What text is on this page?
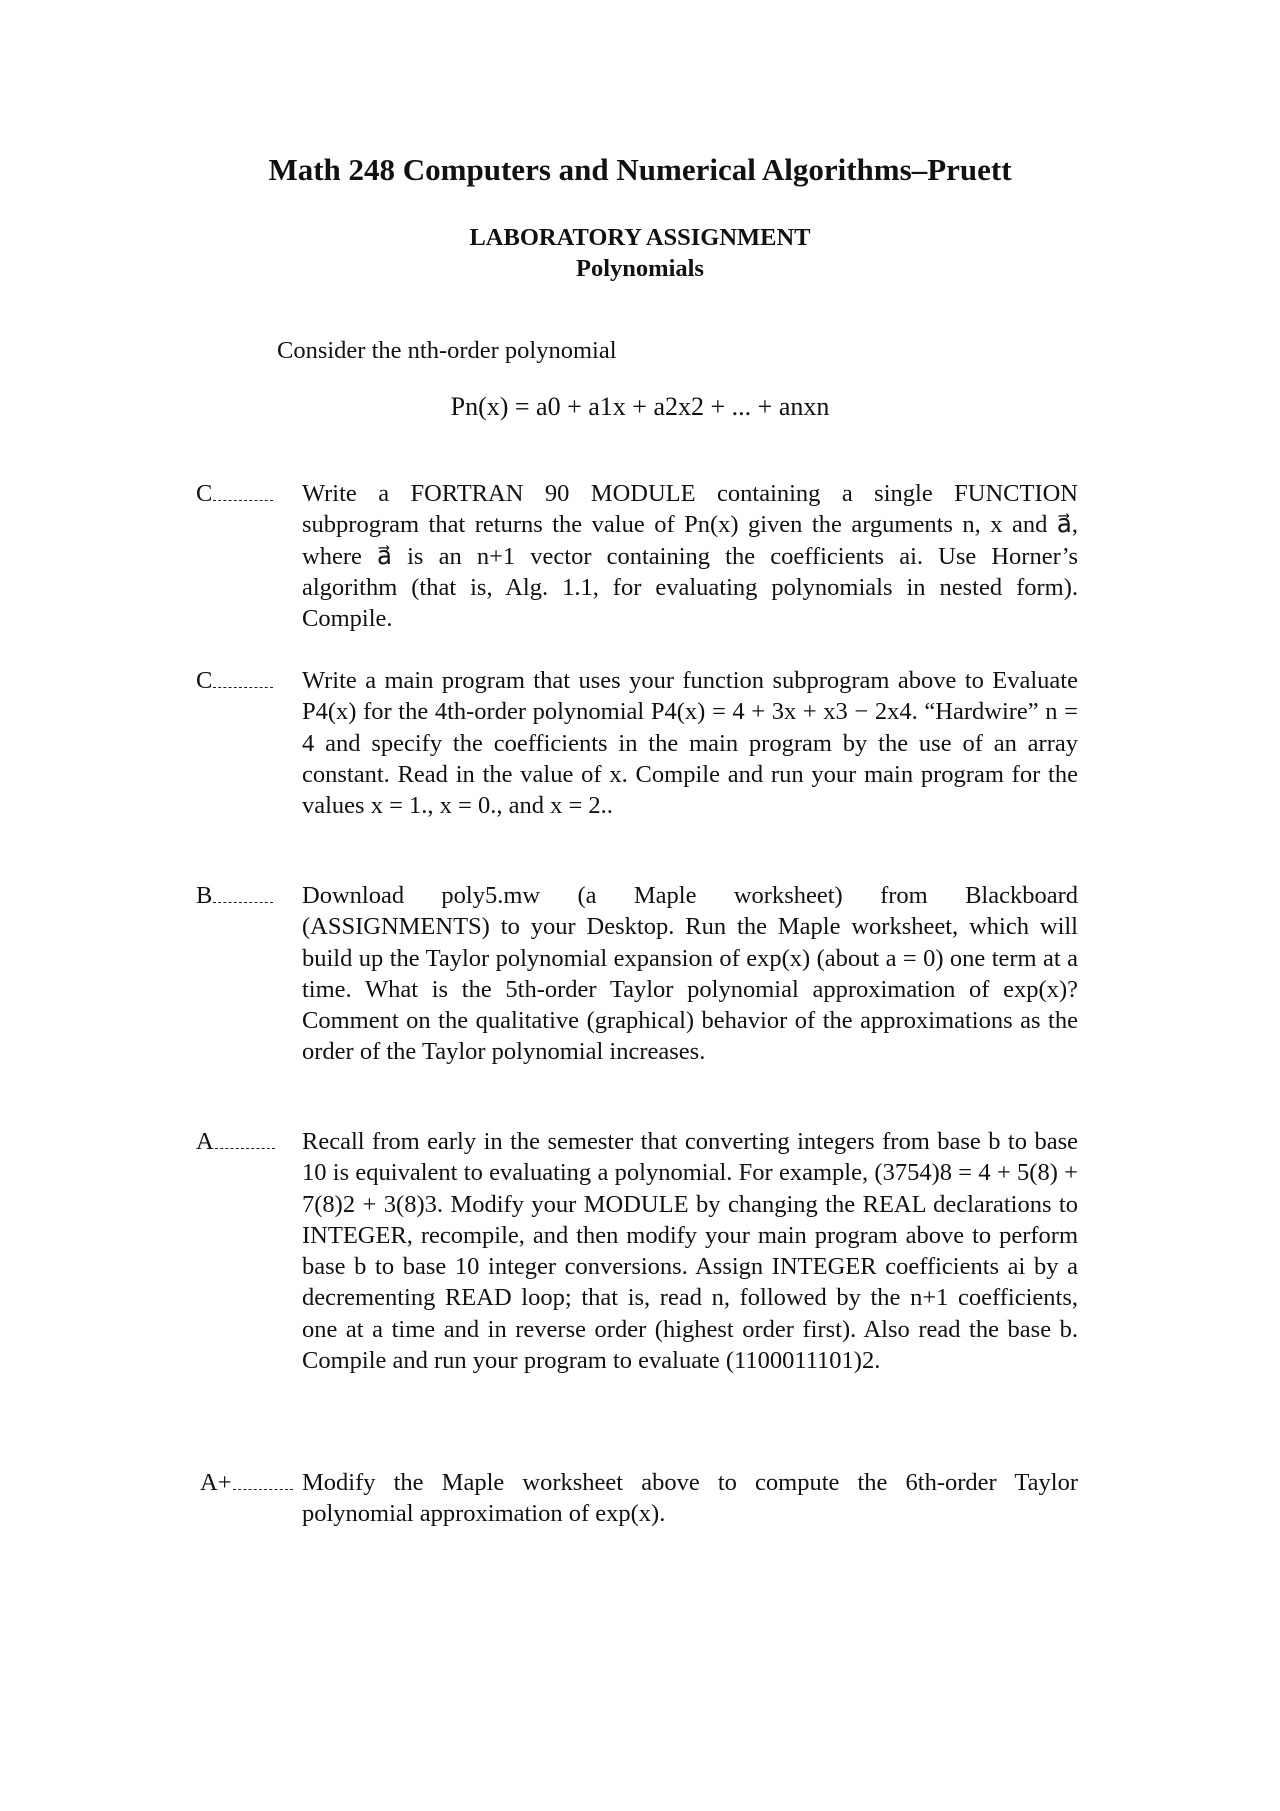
Math 248 Computers and Numerical Algorithms–Pruett
LABORATORY ASSIGNMENT
Polynomials
Consider the nth-order polynomial
Pn(x) = a0 + a1x + a2x2 + ... + anxn
C	Write a FORTRAN 90 MODULE containing a single FUNCTION subprogram that returns the value of Pn(x) given the arguments n, x and a⃗, where a⃗ is an n+1 vector containing the coefficients ai. Use Horner’s algorithm (that is, Alg. 1.1, for evaluating polynomials in nested form). Compile.
C	Write a main program that uses your function subprogram above to Evaluate P4(x) for the 4th-order polynomial P4(x) = 4 + 3x + x3 − 2x4. “Hardwire” n = 4 and specify the coefficients in the main program by the use of an array constant. Read in the value of x. Compile and run your main program for the values x = 1., x = 0., and x = 2..
B	Download poly5.mw (a Maple worksheet) from Blackboard (ASSIGNMENTS) to your Desktop. Run the Maple worksheet, which will build up the Taylor polynomial expansion of exp(x) (about a = 0) one term at a time. What is the 5th-order Taylor polynomial approximation of exp(x)? Comment on the qualitative (graphical) behavior of the approximations as the order of the Taylor polynomial increases.
A	Recall from early in the semester that converting integers from base b to base 10 is equivalent to evaluating a polynomial. For example, (3754)8 = 4 + 5(8) + 7(8)2 + 3(8)3. Modify your MODULE by changing the REAL declarations to INTEGER, recompile, and then modify your main program above to perform base b to base 10 integer conversions. Assign INTEGER coefficients ai by a decrementing READ loop; that is, read n, followed by the n+1 coefficients, one at a time and in reverse order (highest order first). Also read the base b. Compile and run your program to evaluate (1100011101)2.
A+	Modify the Maple worksheet above to compute the 6th-order Taylor polynomial approximation of exp(x).
